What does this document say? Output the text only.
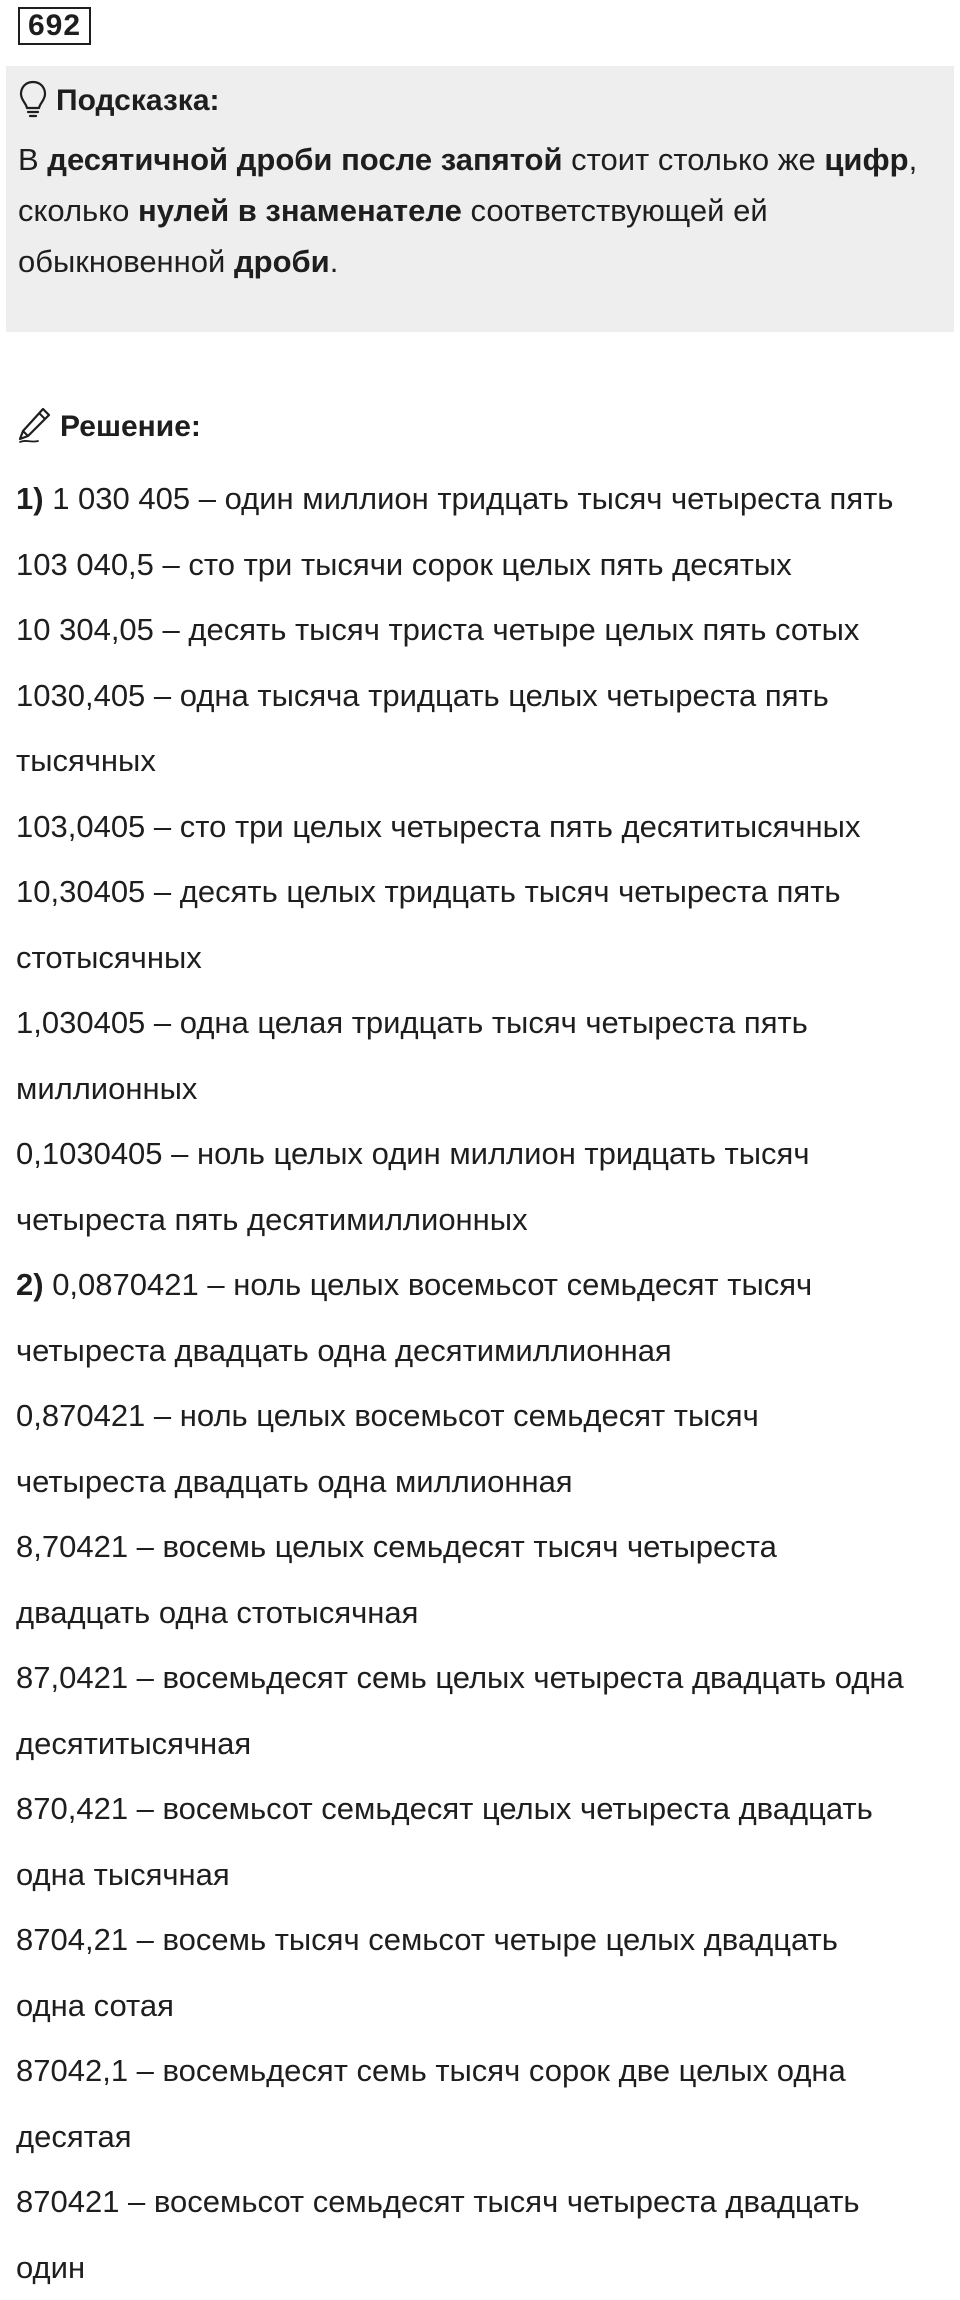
692
Подсказка:
В десятичной дроби после запятой стоит столько же цифр,
сколько нулей в знаменателе соответствующей ей
обыкновенной дроби.
Решение:
1) 1 030 405 – один миллион тридцать тысяч четыреста пять
103 040,5 – сто три тысячи сорок целых пять десятых
10 304,05 – десять тысяч триста четыре целых пять сотых
1030,405 – одна тысяча тридцать целых четыреста пять
тысячных
103,0405 – сто три целых четыреста пять десятитысячных
10,30405 – десять целых тридцать тысяч четыреста пять
стотысячных
1,030405 – одна целая тридцать тысяч четыреста пять
миллионных
0,1030405 – ноль целых один миллион тридцать тысяч
четыреста пять десятимиллионных
2) 0,0870421 – ноль целых восемьсот семьдесят тысяч
четыреста двадцать одна десятимиллионная
0,870421 – ноль целых восемьсот семьдесят тысяч
четыреста двадцать одна миллионная
8,70421 – восемь целых семьдесят тысяч четыреста
двадцать одна стотысячная
87,0421 – восемьдесят семь целых четыреста двадцать одна
десятитысячная
870,421 – восемьсот семьдесят целых четыреста двадцать
одна тысячная
8704,21 – восемь тысяч семьсот четыре целых двадцать
одна сотая
87042,1 – восемьдесят семь тысяч сорок две целых одна
десятая
870421 – восемьсот семьдесят тысяч четыреста двадцать
один
